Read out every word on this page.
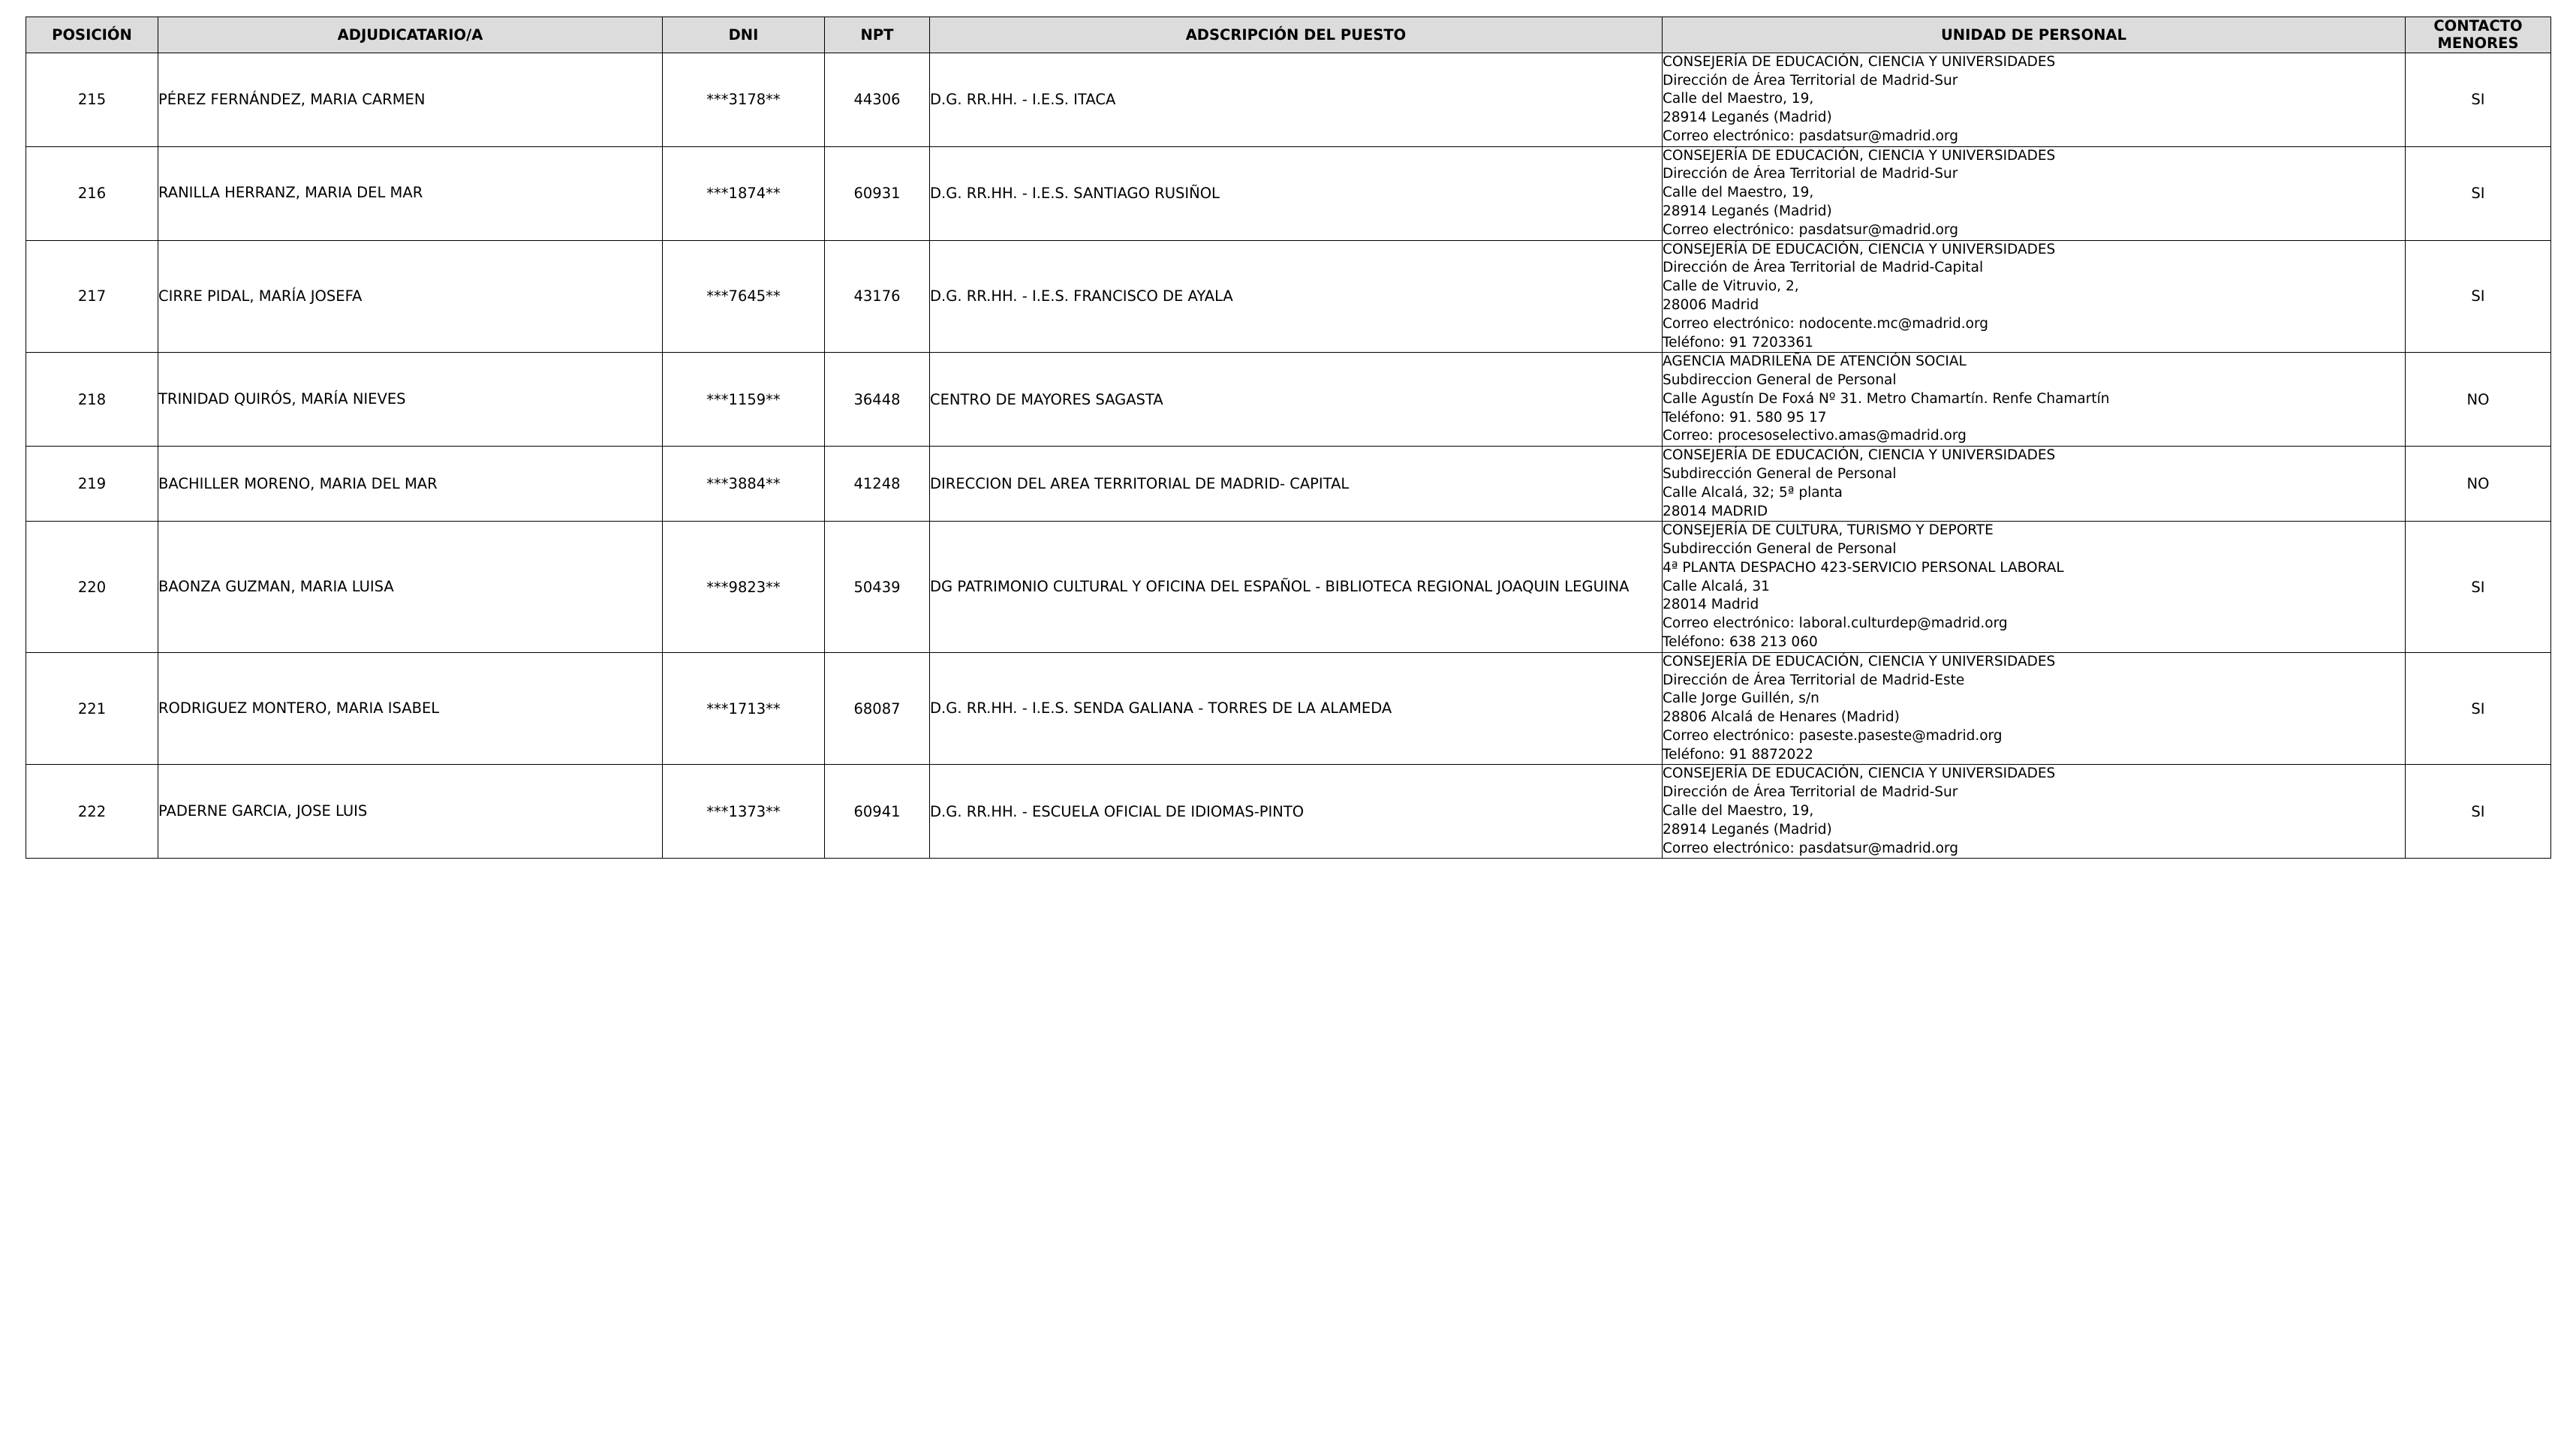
POSICIÓN	ADJUDICATARIO/A	DNI	NPT	ADSCRIPCIÓN DEL PUESTO	UNIDAD DE PERSONAL	CONTACTO MENORES
215	PÉREZ FERNÁNDEZ, MARIA CARMEN	***3178**	44306	D.G. RR.HH. - I.E.S. ITACA	CONSEJERÍA DE EDUCACIÓN, CIENCIA Y UNIVERSIDADES
Dirección de Área Territorial de Madrid-Sur
Calle del Maestro, 19,
28914 Leganés (Madrid)
Correo electrónico: pasdatsur@madrid.org	SI
216	RANILLA HERRANZ, MARIA DEL MAR	***1874**	60931	D.G. RR.HH. - I.E.S. SANTIAGO RUSIÑOL	CONSEJERÍA DE EDUCACIÓN, CIENCIA Y UNIVERSIDADES
Dirección de Área Territorial de Madrid-Sur
Calle del Maestro, 19,
28914 Leganés (Madrid)
Correo electrónico: pasdatsur@madrid.org	SI
217	CIRRE PIDAL, MARÍA JOSEFA	***7645**	43176	D.G. RR.HH. - I.E.S. FRANCISCO DE AYALA	
CONSEJERÍA DE EDUCACIÓN, CIENCIA Y UNIVERSIDADES
Dirección de Área Territorial de Madrid-Capital
Calle de Vitruvio, 2,
28006 Madrid
Correo electrónico: nodocente.mc@madrid.org
Teléfono: 91 7203361
	SI
218	TRINIDAD QUIRÓS, MARÍA NIEVES	***1159**	36448	CENTRO DE MAYORES SAGASTA	AGENCIA MADRILEÑA DE ATENCIÓN SOCIAL
Subdireccion General de Personal
Calle Agustín De Foxá Nº 31. Metro Chamartín. Renfe Chamartín
Teléfono: 91. 580 95 17
Correo: procesoselectivo.amas@madrid.org	NO
219	BACHILLER MORENO, MARIA DEL MAR	***3884**	41248	DIRECCION DEL AREA TERRITORIAL DE MADRID- CAPITAL	CONSEJERÍA DE EDUCACIÓN, CIENCIA Y UNIVERSIDADES
Subdirección General de Personal
Calle Alcalá, 32; 5ª planta
28014 MADRID	NO
220	BAONZA GUZMAN, MARIA LUISA	***9823**	50439	DG PATRIMONIO CULTURAL Y OFICINA DEL ESPAÑOL - BIBLIOTECA REGIONAL JOAQUIN LEGUINA	
CONSEJERÍA DE CULTURA, TURISMO Y DEPORTE
Subdirección General de Personal
4ª PLANTA DESPACHO 423-SERVICIO PERSONAL LABORAL
Calle Alcalá, 31
28014 Madrid
Correo electrónico: laboral.culturdep@madrid.org
Teléfono: 638 213 060
	SI
221	RODRIGUEZ MONTERO, MARIA ISABEL	***1713**	68087	D.G. RR.HH. - I.E.S. SENDA GALIANA - TORRES DE LA ALAMEDA	
CONSEJERÍA DE EDUCACIÓN, CIENCIA Y UNIVERSIDADES
Dirección de Área Territorial de Madrid-Este
Calle Jorge Guillén, s/n
28806 Alcalá de Henares (Madrid)
Correo electrónico: paseste.paseste@madrid.org
Teléfono: 91 8872022
	SI
222	PADERNE GARCIA, JOSE LUIS	***1373**	60941	D.G. RR.HH. - ESCUELA OFICIAL DE IDIOMAS-PINTO	CONSEJERÍA DE EDUCACIÓN, CIENCIA Y UNIVERSIDADES
Dirección de Área Territorial de Madrid-Sur
Calle del Maestro, 19,
28914 Leganés (Madrid)
Correo electrónico: pasdatsur@madrid.org	SI
